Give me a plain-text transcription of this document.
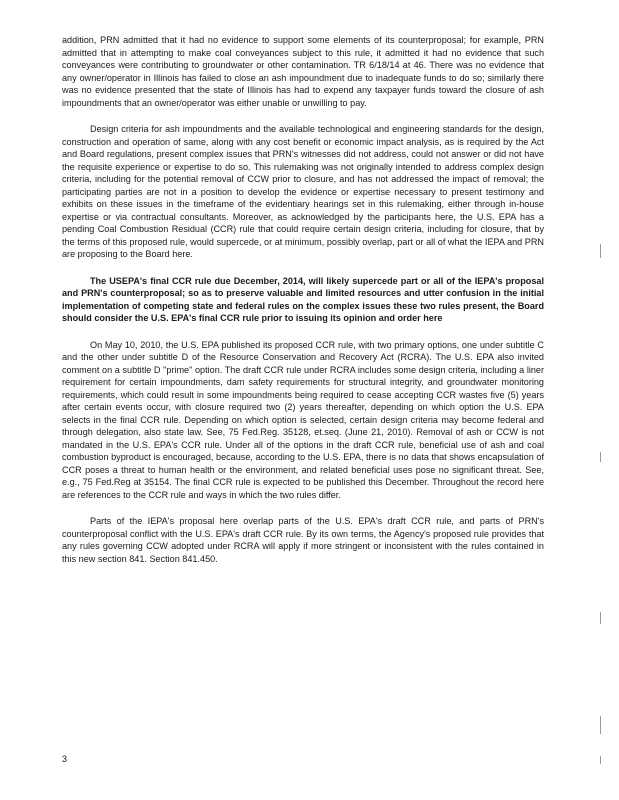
addition, PRN admitted that it had no evidence to support some elements of its counterproposal; for example, PRN admitted that in attempting to make coal conveyances subject to this rule, it admitted it had no evidence that such conveyances were contributing to groundwater or other contamination. TR 6/18/14 at 46. There was no evidence that any owner/operator in Illinois has failed to close an ash impoundment due to inadequate funds to do so; similarly there was no evidence presented that the state of Illinois has had to expend any taxpayer funds toward the closure of ash impoundments that an owner/operator was either unable or unwilling to pay.

Design criteria for ash impoundments and the available technological and engineering standards for the design, construction and operation of same, along with any cost benefit or economic impact analysis, as is required by the Act and Board regulations, present complex issues that PRN's witnesses did not address, could not answer or did not have the requisite experience or expertise to do so. This rulemaking was not originally intended to address complex design criteria, including for the potential removal of CCW prior to closure, and has not addressed the impact of removal; the participating parties are not in a position to develop the evidence or expertise necessary to present testimony and exhibits on these issues in the timeframe of the evidentiary hearings set in this rulemaking, either through in-house expertise or via contractual consultants. Moreover, as acknowledged by the participants here, the U.S. EPA has a pending Coal Combustion Residual (CCR) rule that could require certain design criteria, including for closure, that by the terms of this proposed rule, would supercede, or at minimum, possibly overlap, part or all of what the IEPA and PRN are proposing to the Board here.

The USEPA's final CCR rule due December, 2014, will likely supercede part or all of the IEPA's proposal and PRN's counterproposal; so as to preserve valuable and limited resources and utter confusion in the initial implementation of competing state and federal rules on the complex issues these two rules present, the Board should consider the U.S. EPA's final CCR rule prior to issuing its opinion and order here

On May 10, 2010, the U.S. EPA published its proposed CCR rule, with two primary options, one under subtitle C and the other under subtitle D of the Resource Conservation and Recovery Act (RCRA). The U.S. EPA also invited comment on a subtitle D "prime" option. The draft CCR rule under RCRA includes some design criteria, including a liner requirement for certain impoundments, dam safety requirements for structural integrity, and groundwater monitoring requirements, which could result in some impoundments being required to cease accepting CCR wastes five (5) years after certain events occur, with closure required two (2) years thereafter, depending on which option the U.S. EPA selects in the final CCR rule. Depending on which option is selected, certain design criteria may become federal and through delegation, also state law. See, 75 Fed.Reg. 35128, et.seq. (June 21, 2010). Removal of ash or CCW is not mandated in the U.S. EPA's CCR rule. Under all of the options in the draft CCR rule, beneficial use of ash and coal combustion byproduct is encouraged, because, according to the U.S. EPA, there is no data that shows encapsulation of CCR poses a threat to human health or the environment, and related beneficial uses pose no significant threat. See, e.g., 75 Fed.Reg at 35154. The final CCR rule is expected to be published this December. Throughout the record here are references to the CCR rule and ways in which the two rules differ.

Parts of the IEPA's proposal here overlap parts of the U.S. EPA's draft CCR rule, and parts of PRN's counterproposal conflict with the U.S. EPA's draft CCR rule. By its own terms, the Agency's proposed rule provides that any rules governing CCW adopted under RCRA will apply if more stringent or inconsistent with the rules contained in this new section 841. Section 841.450.

3
